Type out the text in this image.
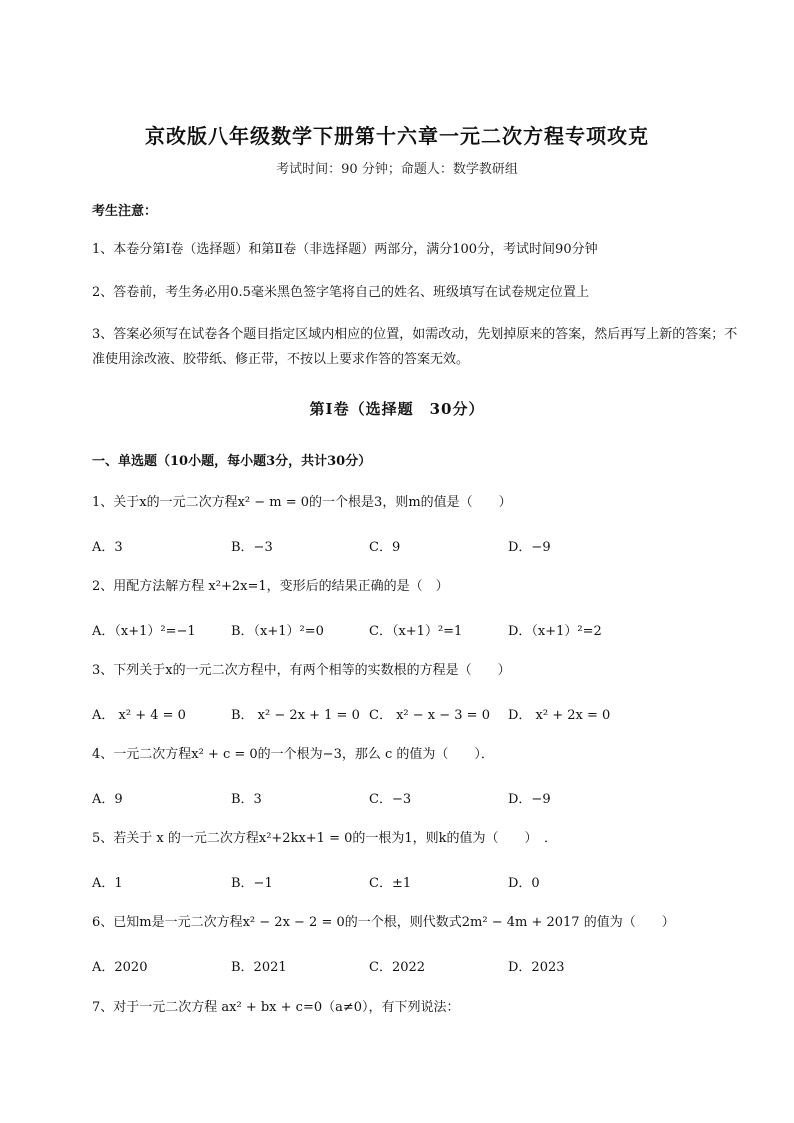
京改版八年级数学下册第十六章一元二次方程专项攻克
考试时间：90 分钟；命题人：数学教研组
考生注意：
1、本卷分第Ⅰ卷（选择题）和第Ⅱ卷（非选择题）两部分，满分100分，考试时间90分钟
2、答卷前，考生务必用0.5毫米黑色签字笔将自己的姓名、班级填写在试卷规定位置上
3、答案必须写在试卷各个题目指定区域内相应的位置，如需改动，先划掉原来的答案，然后再写上新的答案；不准使用涂改液、胶带纸、修正带，不按以上要求作答的答案无效。
第Ⅰ卷（选择题　30分）
一、单选题（10小题，每小题3分，共计30分）
1、关于x的一元二次方程x² − m = 0的一个根是3，则m的值是（　　）
A．3	B．−3	C．9	D．−9
2、用配方法解方程 x²+2x=1，变形后的结果正确的是（　）
A．（x+1）²=−1	B．（x+1）²=0	C．（x+1）²=1	D．（x+1）²=2
3、下列关于x的一元二次方程中，有两个相等的实数根的方程是（　　）
A． x² + 4 = 0	B． x² − 2x + 1 = 0 C． x² − x − 3 = 0 D． x² + 2x = 0
4、一元二次方程x² + c = 0的一个根为−3，那么 c 的值为（　　）．
A．9	B．3	C．−3	D．−9
5、若关于 x 的一元二次方程x²+2kx+1 = 0的一根为1，则k的值为（　　）　．
A．1	B．−1	C．±1	D．0
6、已知m是一元二次方程x² − 2x − 2 = 0的一个根，则代数式2m² − 4m + 2017 的值为（　　）
A．2020	B．2021	C．2022	D．2023
7、对于一元二次方程 ax² + bx + c=0（a≠0），有下列说法：
